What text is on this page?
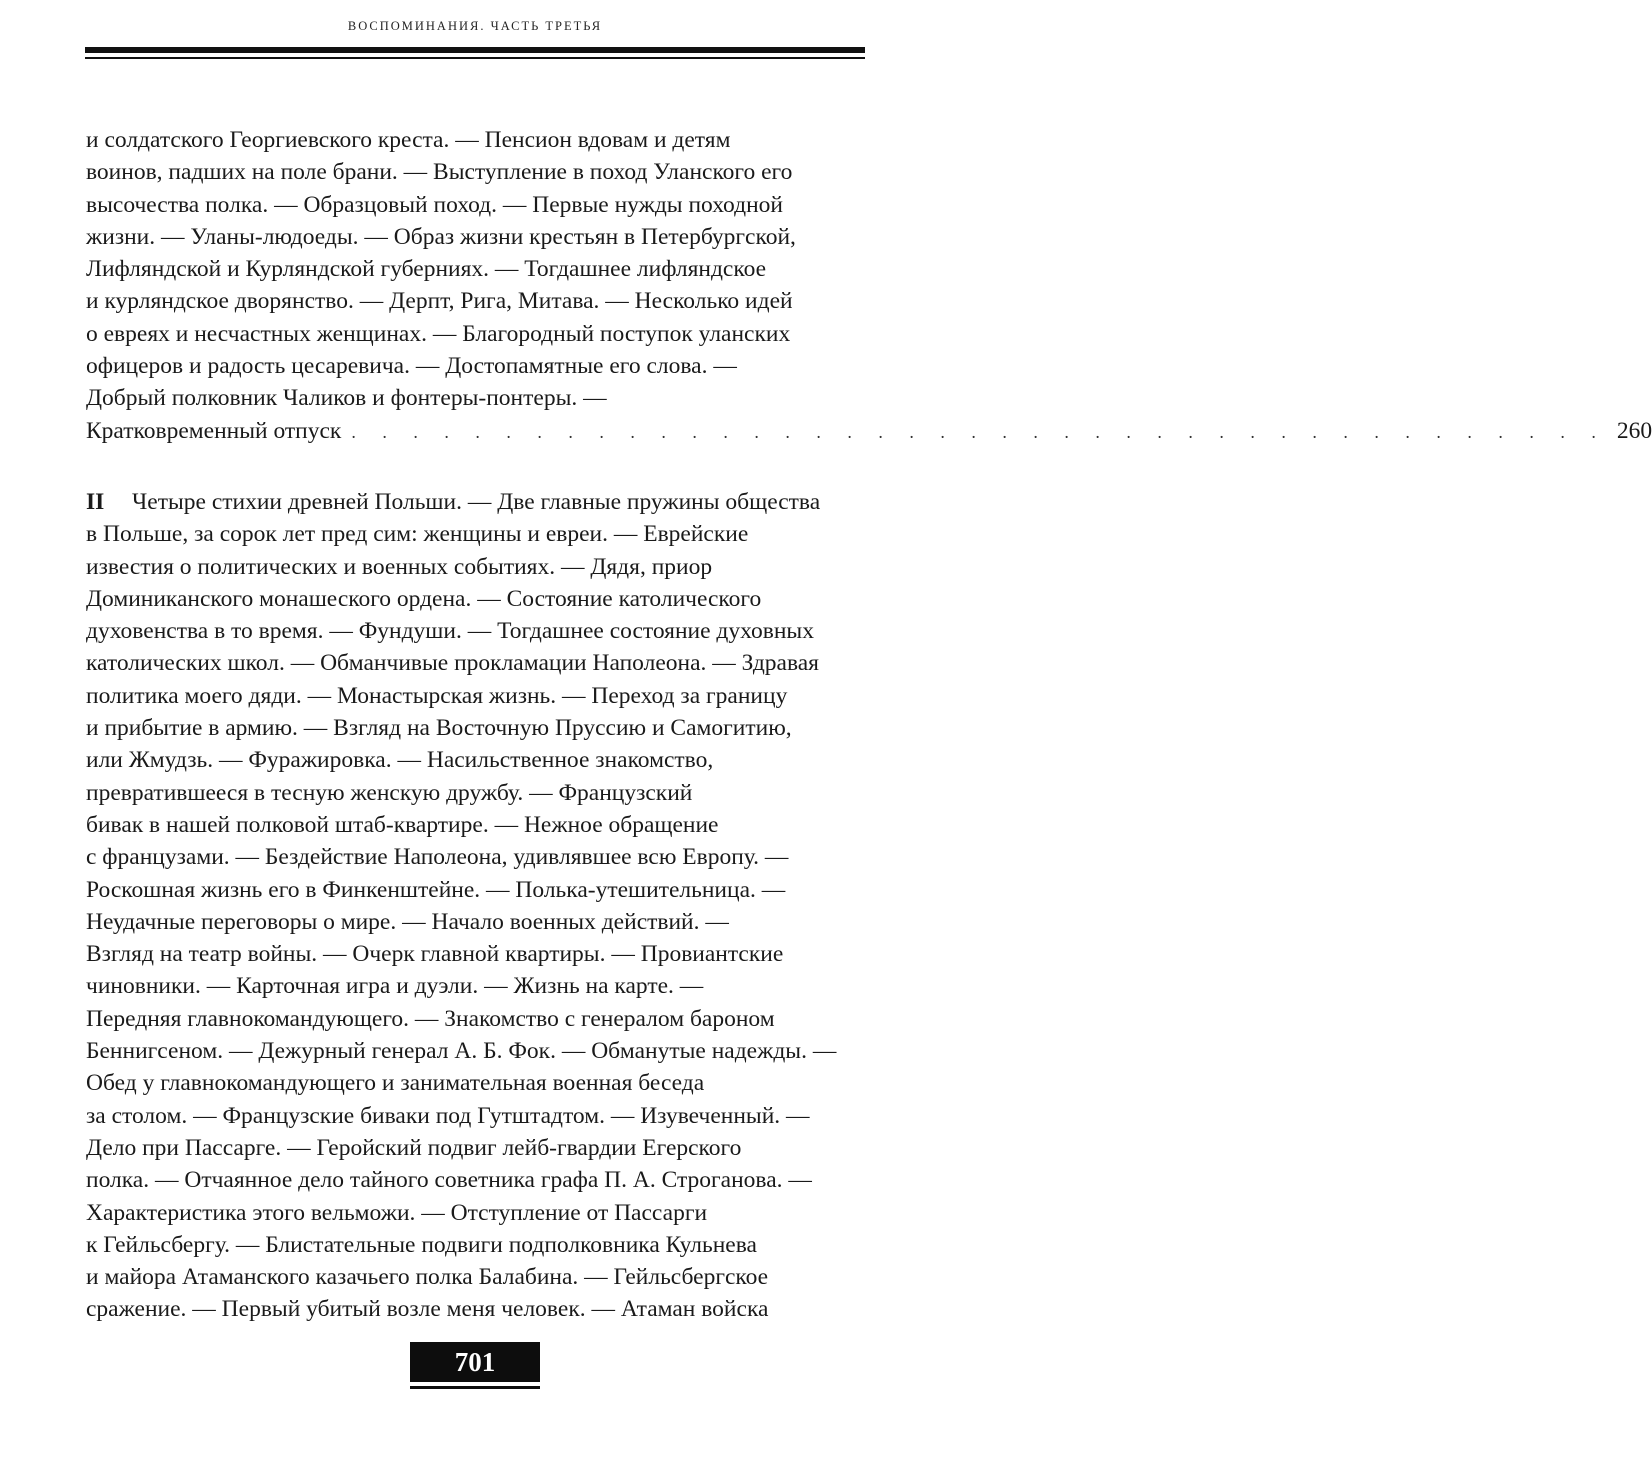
ВОСПОМИНАНИЯ. ЧАСТЬ ТРЕТЬЯ
и солдатского Георгиевского креста. — Пенсион вдовам и детям
воинов, падших на поле брани. — Выступление в поход Уланского его
высочества полка. — Образцовый поход. — Первые нужды походной
жизни. — Уланы-людоеды. — Образ жизни крестьян в Петербургской,
Лифляндской и Курляндской губерниях. — Тогдашнее лифляндское
и курляндское дворянство. — Дерпт, Рига, Митава. — Несколько идей
о евреях и несчастных женщинах. — Благородный поступок уланских
офицеров и радость цесаревича. — Достопамятные его слова. —
Добрый полковник Чаликов и фонтеры-понтеры. —
Кратковременный отпуск . . . . . . . . . . . . . . . . . . . . . . . . . . . . . . . . . . . . . . . . . 260
II Четыре стихии древней Польши. — Две главные пружины общества
в Польше, за сорок лет пред сим: женщины и евреи. — Еврейские
известия о политических и военных событиях. — Дядя, приор
Доминиканского монашеского ордена. — Состояние католического
духовенства в то время. — Фундуши. — Тогдашнее состояние духовных
католических школ. — Обманчивые прокламации Наполеона. — Здравая
политика моего дяди. — Монастырская жизнь. — Переход за границу
и прибытие в армию. — Взгляд на Восточную Пруссию и Самогитию,
или Жмудзь. — Фуражировка. — Насильственное знакомство,
превратившееся в тесную женскую дружбу. — Французский
бивак в нашей полковой штаб-квартире. — Нежное обращение
с французами. — Бездействие Наполеона, удивлявшее всю Европу. —
Роскошная жизнь его в Финкенштейне. — Полька-утешительница. —
Неудачные переговоры о мире. — Начало военных действий. —
Взгляд на театр войны. — Очерк главной квартиры. — Провиантские
чиновники. — Карточная игра и дуэли. — Жизнь на карте. —
Передняя главнокомандующего. — Знакомство с генералом бароном
Беннигсеном. — Дежурный генерал А. Б. Фок. — Обманутые надежды. —
Обед у главнокомандующего и занимательная военная беседа
за столом. — Французские биваки под Гутштадтом. — Изувеченный. —
Дело при Пассарге. — Геройский подвиг лейб-гвардии Егерского
полка. — Отчаянное дело тайного советника графа П. А. Строганова. —
Характеристика этого вельможи. — Отступление от Пассарги
к Гейльсбергу. — Блистательные подвиги подполковника Кульнева
и майора Атаманского казачьего полка Балабина. — Гейльсбергское
сражение. — Первый убитый возле меня человек. — Атаман войска
701
